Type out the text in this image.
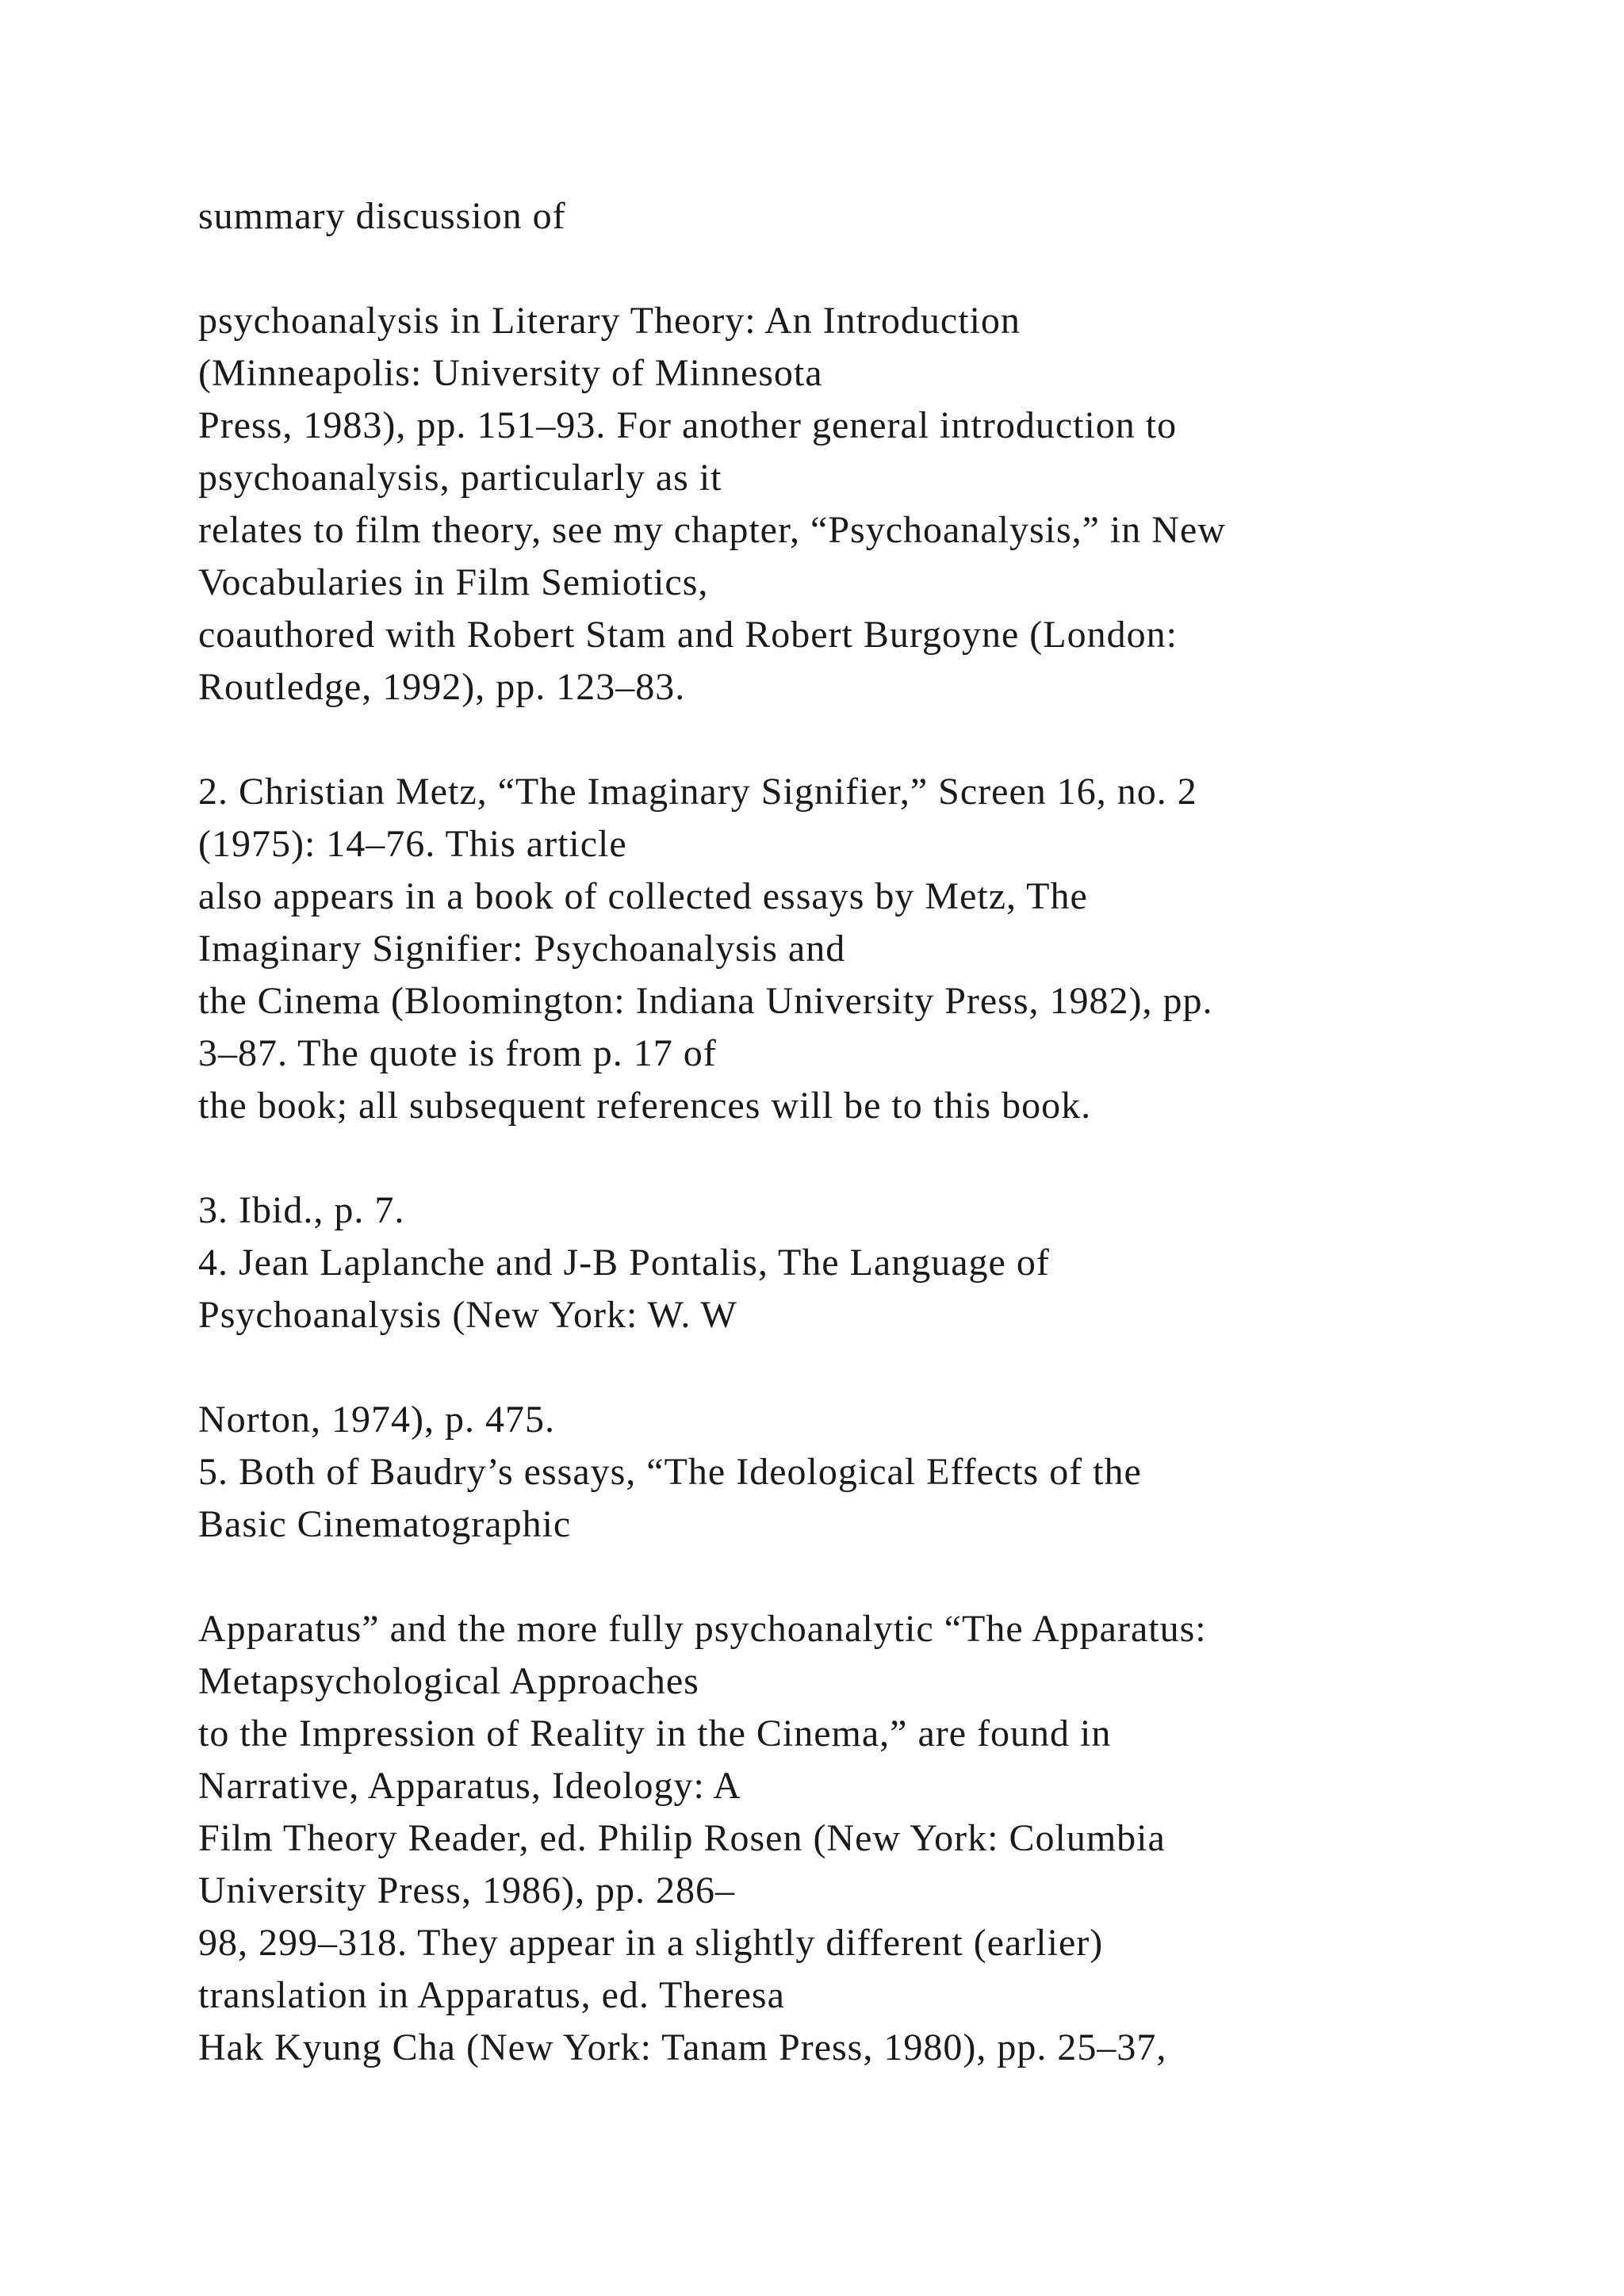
summary discussion of
psychoanalysis in Literary Theory: An Introduction
(Minneapolis: University of Minnesota
Press, 1983), pp. 151–93. For another general introduction to
psychoanalysis, particularly as it
relates to film theory, see my chapter, “Psychoanalysis,” in New
Vocabularies in Film Semiotics,
coauthored with Robert Stam and Robert Burgoyne (London:
Routledge, 1992), pp. 123–83.
2. Christian Metz, “The Imaginary Signifier,” Screen 16, no. 2
(1975): 14–76. This article
also appears in a book of collected essays by Metz, The
Imaginary Signifier: Psychoanalysis and
the Cinema (Bloomington: Indiana University Press, 1982), pp.
3–87. The quote is from p. 17 of
the book; all subsequent references will be to this book.
3. Ibid., p. 7.
4. Jean Laplanche and J-B Pontalis, The Language of
Psychoanalysis (New York: W. W
Norton, 1974), p. 475.
5. Both of Baudry’s essays, “The Ideological Effects of the
Basic Cinematographic
Apparatus” and the more fully psychoanalytic “The Apparatus:
Metapsychological Approaches
to the Impression of Reality in the Cinema,” are found in
Narrative, Apparatus, Ideology: A
Film Theory Reader, ed. Philip Rosen (New York: Columbia
University Press, 1986), pp. 286–
98, 299–318. They appear in a slightly different (earlier)
translation in Apparatus, ed. Theresa
Hak Kyung Cha (New York: Tanam Press, 1980), pp. 25–37,
